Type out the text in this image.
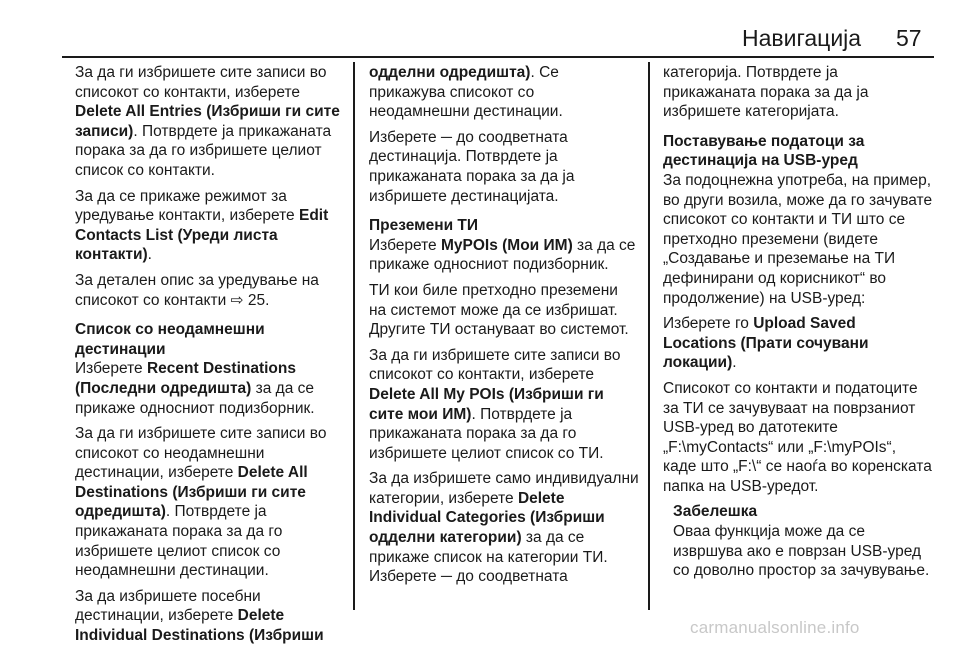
Навигација 57

За да ги избришете сите записи во списокот со контакти, изберете Delete All Entries (Избриши ги сите записи). Потврдете ја прикажаната порака за да го избришете целиот список со контакти.

За да се прикаже режимот за уредување контакти, изберете Edit Contacts List (Уреди листа контакти).

За детален опис за уредување на списокот со контакти ⇨ 25.

Список со неодамнешни дестинации

Изберете Recent Destinations (Последни одредишта) за да се прикаже односниот подизборник.

За да ги избришете сите записи во списокот со неодамнешни дестинации, изберете Delete All Destinations (Избриши ги сите одредишта). Потврдете ја прикажаната порака за да го избришете целиот список со неодамнешни дестинации.

За да избришете посебни дестинации, изберете Delete Individual Destinations (Избриши

одделни одредишта). Се прикажува списокот со неодамнешни дестинации.

Изберете ─ до соодветната дестинација. Потврдете ја прикажаната порака за да ја избришете дестинацијата.

Преземени ТИ

Изберете MyPOIs (Мои ИМ) за да се прикаже односниот подизборник.

ТИ кои биле претходно преземени на системот може да се избришат. Другите ТИ остануваат во системот.

За да ги избришете сите записи во списокот со контакти, изберете Delete All My POIs (Избриши ги сите мои ИМ). Потврдете ја прикажаната порака за да го избришете целиот список со ТИ.

За да избришете само индивидуални категории, изберете Delete Individual Categories (Избриши одделни категории) за да се прикаже список на категории ТИ. Изберете ─ до соодветната

категорија. Потврдете ја прикажаната порака за да ја избришете категоријата.

Поставување податоци за дестинација на USB-уред

За подоцнежна употреба, на пример, во други возила, може да го зачувате списокот со контакти и ТИ што се претходно преземени (видете „Создавање и преземање на ТИ дефинирани од корисникот“ во продолжение) на USB-уред:

Изберете го Upload Saved Locations (Прати сочувани локации).

Списокот со контакти и податоците за ТИ се зачувуваат на поврзаниот USB-уред во датотеките „F:\myContacts“ или „F:\myPOIs“, каде што „F:\“ се наоѓа во коренската папка на USB-уредот.

Забелешка

Оваа функција може да се извршува ако е поврзан USB-уред со доволно простор за зачувување.

carmanualsonline.info
